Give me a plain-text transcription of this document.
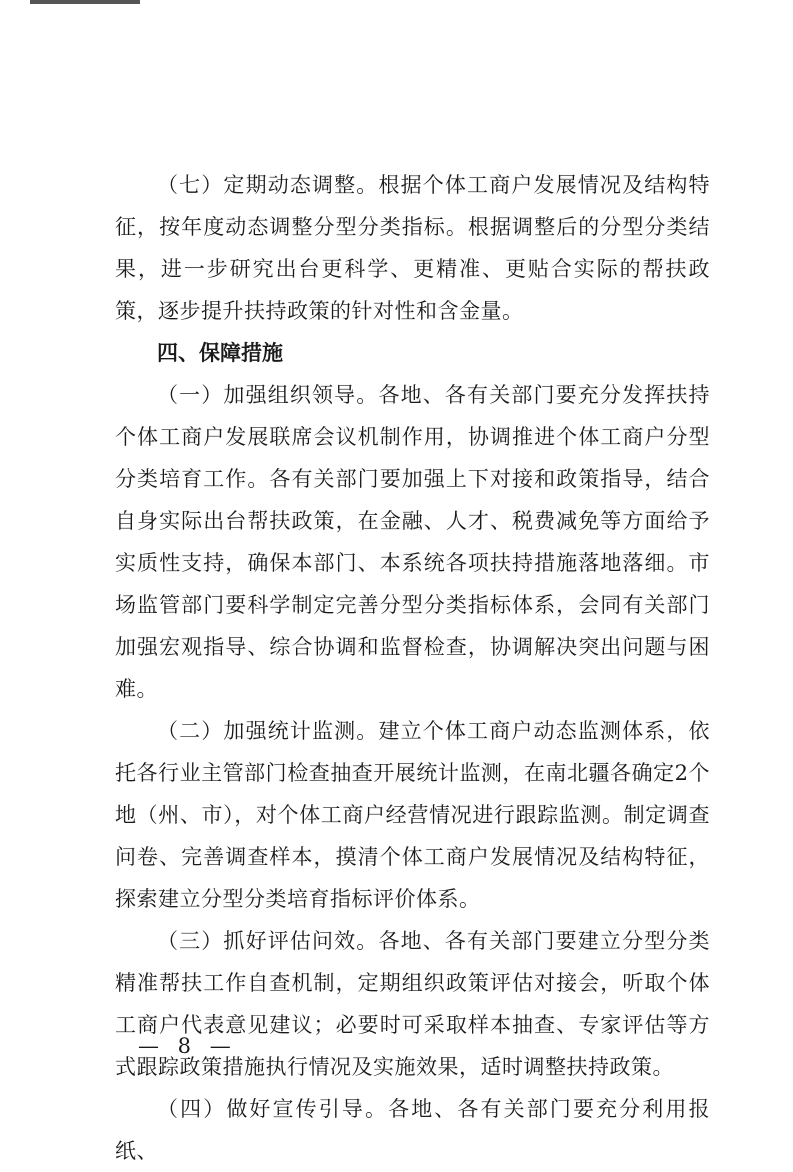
（七）定期动态调整。根据个体工商户发展情况及结构特征，按年度动态调整分型分类指标。根据调整后的分型分类结果，进一步研究出台更科学、更精准、更贴合实际的帮扶政策，逐步提升扶持政策的针对性和含金量。

四、保障措施

（一）加强组织领导。各地、各有关部门要充分发挥扶持个体工商户发展联席会议机制作用，协调推进个体工商户分型分类培育工作。各有关部门要加强上下对接和政策指导，结合自身实际出台帮扶政策，在金融、人才、税费减免等方面给予实质性支持，确保本部门、本系统各项扶持措施落地落细。市场监管部门要科学制定完善分型分类指标体系，会同有关部门加强宏观指导、综合协调和监督检查，协调解决突出问题与困难。

（二）加强统计监测。建立个体工商户动态监测体系，依托各行业主管部门检查抽查开展统计监测，在南北疆各确定2个地（州、市），对个体工商户经营情况进行跟踪监测。制定调查问卷、完善调查样本，摸清个体工商户发展情况及结构特征，探索建立分型分类培育指标评价体系。

（三）抓好评估问效。各地、各有关部门要建立分型分类精准帮扶工作自查机制，定期组织政策评估对接会，听取个体工商户代表意见建议；必要时可采取样本抽查、专家评估等方式跟踪政策措施执行情况及实施效果，适时调整扶持政策。

（四）做好宣传引导。各地、各有关部门要充分利用报纸、

— 8 —
